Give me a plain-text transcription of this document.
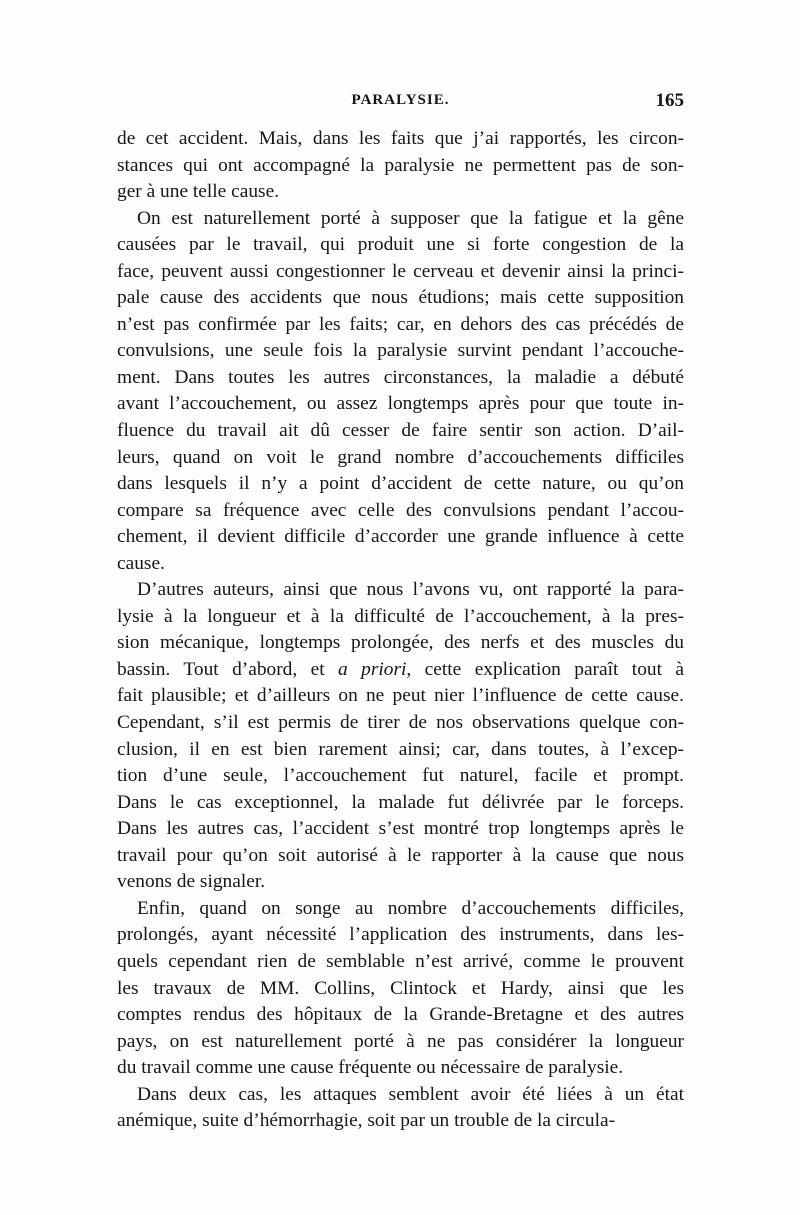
PARALYSIE.	165
de cet accident. Mais, dans les faits que j’ai rapportés, les circon-
stances qui ont accompagné la paralysie ne permettent pas de son-
ger à une telle cause.
On est naturellement porté à supposer que la fatigue et la gêne
causées par le travail, qui produit une si forte congestion de la
face, peuvent aussi congestionner le cerveau et devenir ainsi la princi-
pale cause des accidents que nous étudions; mais cette supposition
n’est pas confirmée par les faits; car, en dehors des cas précédés de
convulsions, une seule fois la paralysie survint pendant l’accouche-
ment. Dans toutes les autres circonstances, la maladie a débuté
avant l’accouchement, ou assez longtemps après pour que toute in-
fluence du travail ait dû cesser de faire sentir son action. D’ail-
leurs, quand on voit le grand nombre d’accouchements difficiles
dans lesquels il n’y a point d’accident de cette nature, ou qu’on
compare sa fréquence avec celle des convulsions pendant l’accou-
chement, il devient difficile d’accorder une grande influence à cette
cause.
D’autres auteurs, ainsi que nous l’avons vu, ont rapporté la para-
lysie à la longueur et à la difficulté de l’accouchement, à la pres-
sion mécanique, longtemps prolongée, des nerfs et des muscles du
bassin. Tout d’abord, et a priori, cette explication paraît tout à
fait plausible; et d’ailleurs on ne peut nier l’influence de cette cause.
Cependant, s’il est permis de tirer de nos observations quelque con-
clusion, il en est bien rarement ainsi; car, dans toutes, à l’excep-
tion d’une seule, l’accouchement fut naturel, facile et prompt.
Dans le cas exceptionnel, la malade fut délivrée par le forceps.
Dans les autres cas, l’accident s’est montré trop longtemps après le
travail pour qu’on soit autorisé à le rapporter à la cause que nous
venons de signaler.
Enfin, quand on songe au nombre d’accouchements difficiles,
prolongés, ayant nécessité l’application des instruments, dans les-
quels cependant rien de semblable n’est arrivé, comme le prouvent
les travaux de MM. Collins, Clintock et Hardy, ainsi que les
comptes rendus des hôpitaux de la Grande-Bretagne et des autres
pays, on est naturellement porté à ne pas considérer la longueur
du travail comme une cause fréquente ou nécessaire de paralysie.
Dans deux cas, les attaques semblent avoir été liées à un état
anémique, suite d’hémorrhagie, soit par un trouble de la circula-
